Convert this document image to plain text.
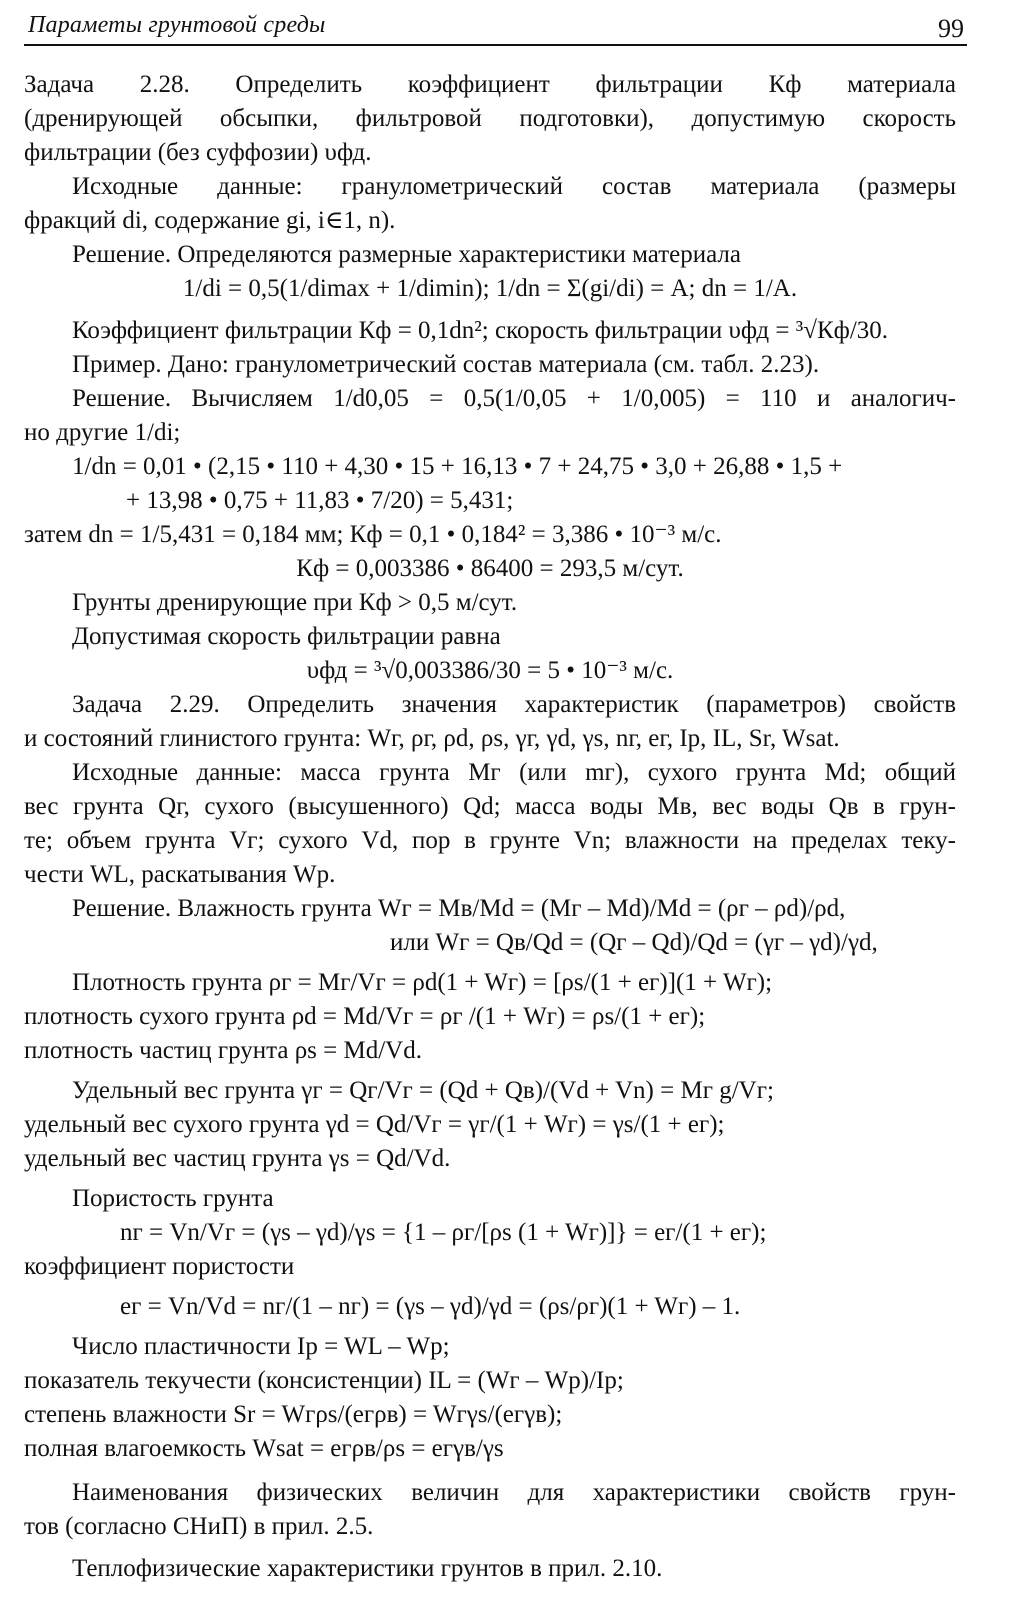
Параметы грунтовой среды	99
Задача 2.28. Определить коэффициент фильтрации Кф материала
(дренирующей обсыпки, фильтровой подготовки), допустимую скорость
фильтрации (без суффозии) υфд.
Исходные данные: гранулометрический состав материала (размеры
фракций di, содержание gi, i∈1, n).
Решение. Определяются размерные характеристики материала
1/di = 0,5(1/dimax + 1/dimin); 1/dn = Σ(gi/di) = A; dn = 1/A.
Коэффициент фильтрации Кф = 0,1dn²; скорость фильтрации υфд = ³√Кф/30.
Пример. Дано: гранулометрический состав материала (см. табл. 2.23).
Решение. Вычисляем 1/d0,05 = 0,5(1/0,05 + 1/0,005) = 110 и аналогич-
но другие 1/di;
1/dn = 0,01 • (2,15 • 110 + 4,30 • 15 + 16,13 • 7 + 24,75 • 3,0 + 26,88 • 1,5 +
+ 13,98 • 0,75 + 11,83 • 7/20) = 5,431;
затем dn = 1/5,431 = 0,184 мм; Кф = 0,1 • 0,184² = 3,386 • 10⁻³ м/с.
Кф = 0,003386 • 86400 = 293,5 м/сут.
Грунты дренирующие при Кф > 0,5 м/сут.
Допустимая скорость фильтрации равна
υфд = ³√0,003386/30 = 5 • 10⁻³ м/с.
Задача 2.29. Определить значения характеристик (параметров) свойств
и состояний глинистого грунта: Wг, ρг, ρd, ρs, γг, γd, γs, nг, eг, Ip, IL, Sr, Wsat.
Исходные данные: масса грунта Mг (или mг), сухого грунта Md; общий
вес грунта Qг, сухого (высушенного) Qd; масса воды Mв, вес воды Qв в грун-
те; объем грунта Vг; сухого Vd, пор в грунте Vn; влажности на пределах теку-
чести WL, раскатывания Wp.
Решение. Влажность грунта Wг = Mв/Md = (Mг – Md)/Md = (ρг – ρd)/ρd,
или Wг = Qв/Qd = (Qг – Qd)/Qd = (γг – γd)/γd,
Плотность грунта ρг = Mг/Vг = ρd(1 + Wг) = [ρs/(1 + eг)](1 + Wг);
плотность сухого грунта ρd = Md/Vг = ρг /(1 + Wг) = ρs/(1 + eг);
плотность частиц грунта ρs = Md/Vd.
Удельный вес грунта γг = Qг/Vг = (Qd + Qв)/(Vd + Vn) = Mг g/Vг;
удельный вес сухого грунта γd = Qd/Vг = γг/(1 + Wг) = γs/(1 + eг);
удельный вес частиц грунта γs = Qd/Vd.
Пористость грунта
nг = Vn/Vг = (γs – γd)/γs = {1 – ρг/[ρs (1 + Wг)]} = eг/(1 + eг);
коэффициент пористости
eг = Vn/Vd = nг/(1 – nг) = (γs – γd)/γd = (ρs/ρг)(1 + Wг) – 1.
Число пластичности Ip = WL – Wp;
показатель текучести (консистенции) IL = (Wг – Wp)/Ip;
степень влажности Sr = Wгρs/(eгρв) = Wгγs/(eгγв);
полная влагоемкость Wsat = eгρв/ρs = eгγв/γs
Наименования физических величин для характеристики свойств грун-
тов (согласно СНиП) в прил. 2.5.
Теплофизические характеристики грунтов в прил. 2.10.
